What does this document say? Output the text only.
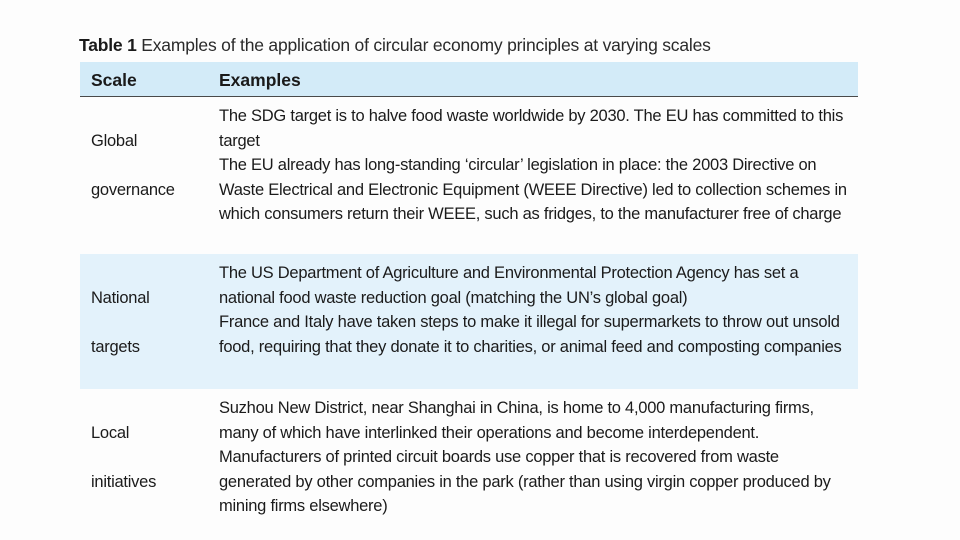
Table 1 Examples of the application of circular economy principles at varying scales
Scale	Examples

Global

governance

The SDG target is to halve food waste worldwide by 2030. The EU has committed to this target
The EU already has long-standing ‘circular’ legislation in place: the 2003 Directive on Waste Electrical and Electronic Equipment (WEEE Directive) led to collection schemes in which consumers return their WEEE, such as fridges, to the manufacturer free of charge

National

targets

The US Department of Agriculture and Environmental Protection Agency has set a national food waste reduction goal (matching the UN’s global goal)
France and Italy have taken steps to make it illegal for supermarkets to throw out unsold food, requiring that they donate it to charities, or animal feed and composting companies

Local

initiatives

Suzhou New District, near Shanghai in China, is home to 4,000 manufacturing firms, many of which have interlinked their operations and become interdependent. Manufacturers of printed circuit boards use copper that is recovered from waste generated by other companies in the park (rather than using virgin copper produced by mining firms elsewhere)
